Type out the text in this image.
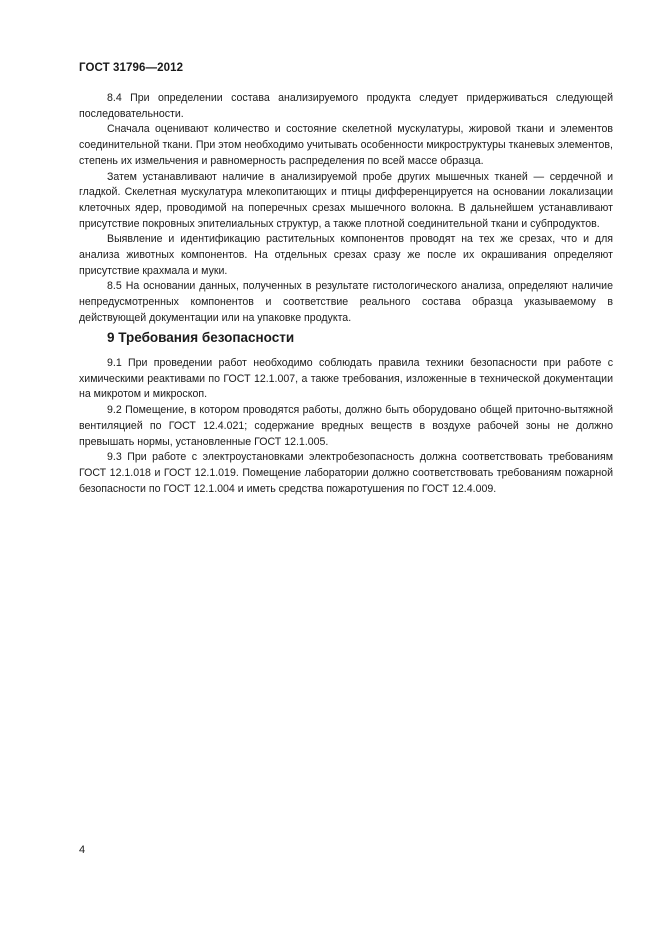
ГОСТ 31796—2012

8.4 При определении состава анализируемого продукта следует придерживаться следующей последовательности.

Сначала оценивают количество и состояние скелетной мускулатуры, жировой ткани и элементов соединительной ткани. При этом необходимо учитывать особенности микроструктуры тканевых элементов, степень их измельчения и равномерность распределения по всей массе образца.

Затем устанавливают наличие в анализируемой пробе других мышечных тканей — сердечной и гладкой. Скелетная мускулатура млекопитающих и птицы дифференцируется на основании локализации клеточных ядер, проводимой на поперечных срезах мышечного волокна. В дальнейшем устанавливают присутствие покровных эпителиальных структур, а также плотной соединительной ткани и субпродуктов.

Выявление и идентификацию растительных компонентов проводят на тех же срезах, что и для анализа животных компонентов. На отдельных срезах сразу же после их окрашивания определяют присутствие крахмала и муки.

8.5 На основании данных, полученных в результате гистологического анализа, определяют наличие непредусмотренных компонентов и соответствие реального состава образца указываемому в действующей документации или на упаковке продукта.

9 Требования безопасности

9.1 При проведении работ необходимо соблюдать правила техники безопасности при работе с химическими реактивами по ГОСТ 12.1.007, а также требования, изложенные в технической документации на микротом и микроскоп.

9.2 Помещение, в котором проводятся работы, должно быть оборудовано общей приточно-вытяжной вентиляцией по ГОСТ 12.4.021; содержание вредных веществ в воздухе рабочей зоны не должно превышать нормы, установленные ГОСТ 12.1.005.

9.3 При работе с электроустановками электробезопасность должна соответствовать требованиям ГОСТ 12.1.018 и ГОСТ 12.1.019. Помещение лаборатории должно соответствовать требованиям пожарной безопасности по ГОСТ 12.1.004 и иметь средства пожаротушения по ГОСТ 12.4.009.

4
